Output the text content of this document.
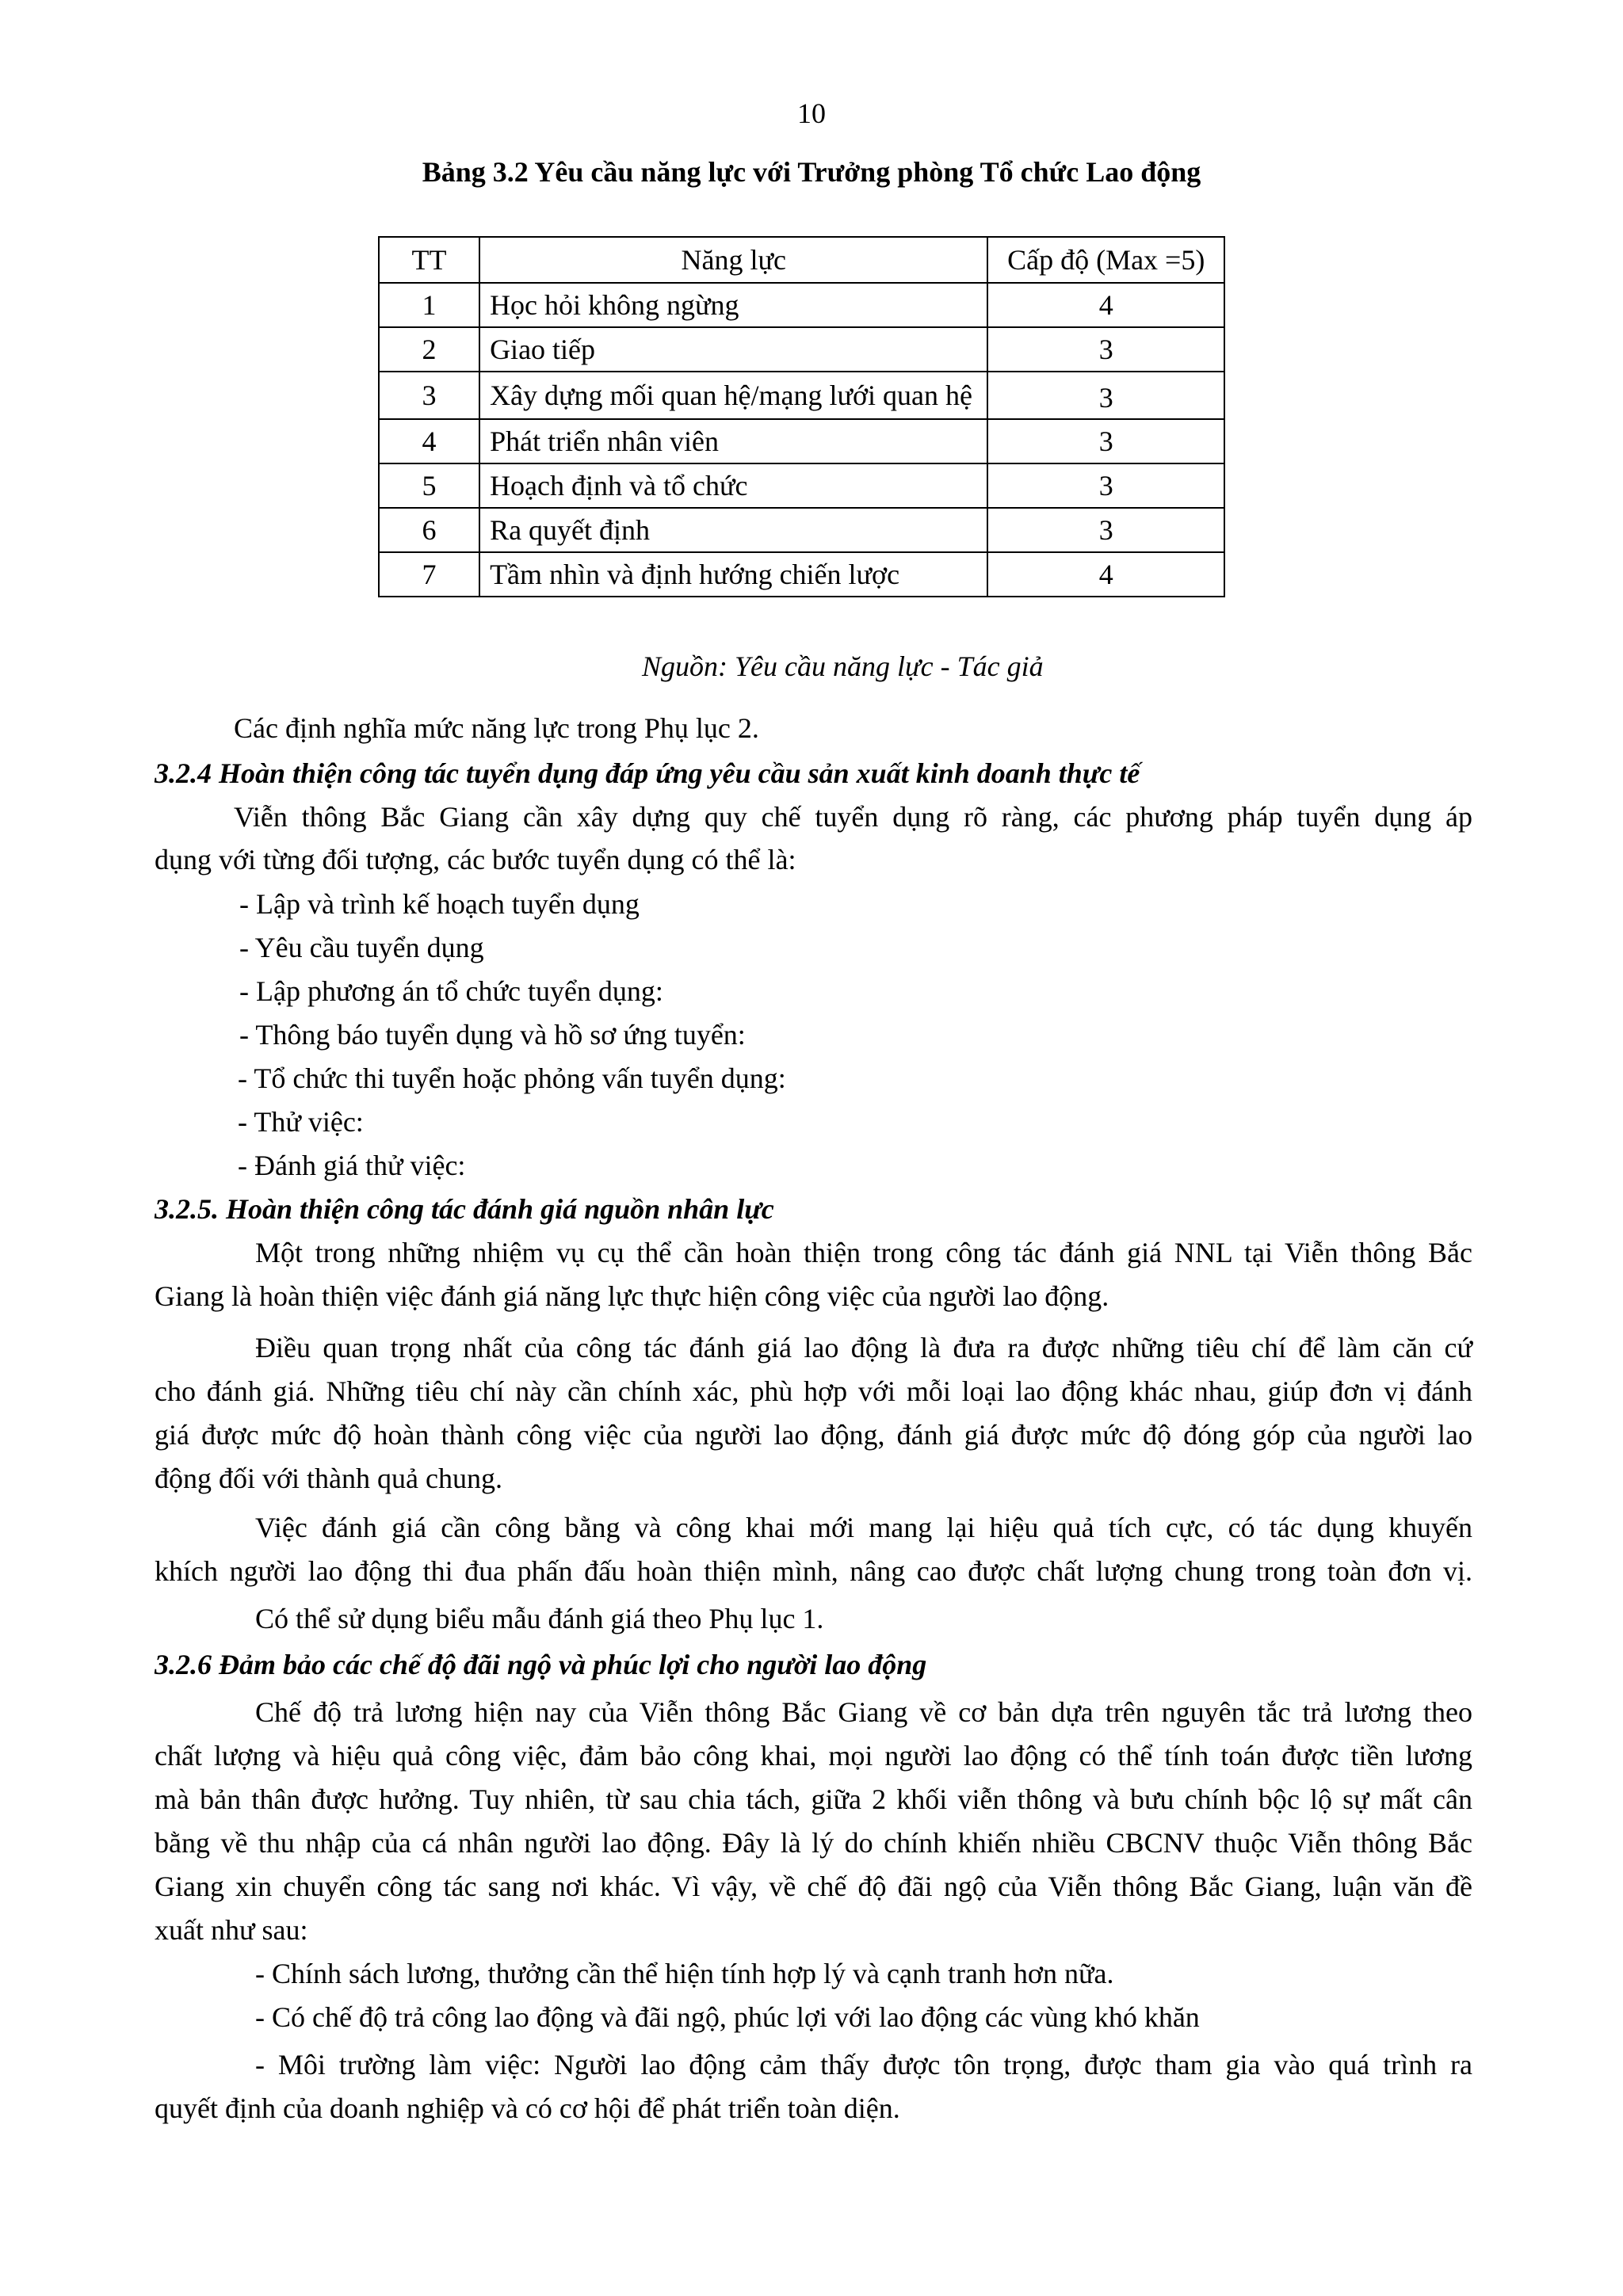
10
Bảng 3.2 Yêu cầu năng lực với Trưởng phòng Tổ chức Lao động
TT	Năng lực	Cấp độ (Max =5)
1	Học hỏi không ngừng	4
2	Giao tiếp	3
3	Xây dựng mối quan hệ/mạng lưới quan hệ	3
4	Phát triển nhân viên	3
5	Hoạch định và tổ chức	3
6	Ra quyết định	3
7	Tầm nhìn và định hướng chiến lược	4
Nguồn: Yêu cầu năng lực - Tác giả
Các định nghĩa mức năng lực trong Phụ lục 2.
3.2.4 Hoàn thiện công tác tuyển dụng đáp ứng yêu cầu sản xuất kinh doanh thực tế
Viễn thông Bắc Giang cần xây dựng quy chế tuyển dụng rõ ràng, các phương pháp tuyển dụng áp
dụng với từng đối tượng, các bước tuyển dụng có thể là:
- Lập và trình kế hoạch tuyển dụng
- Yêu cầu tuyển dụng
- Lập phương án tổ chức tuyển dụng:
- Thông báo tuyển dụng và hồ sơ ứng tuyển:
- Tổ chức thi tuyển hoặc phỏng vấn tuyển dụng:
- Thử việc:
- Đánh giá thử việc:
3.2.5. Hoàn thiện công tác đánh giá nguồn nhân lực
Một trong những nhiệm vụ cụ thể cần hoàn thiện trong công tác đánh giá NNL tại Viễn thông Bắc
Giang là hoàn thiện việc đánh giá năng lực thực hiện công việc của người lao động.
Điều quan trọng nhất của công tác đánh giá lao động là đưa ra được những tiêu chí để làm căn cứ
cho đánh giá. Những tiêu chí này cần chính xác, phù hợp với mỗi loại lao động khác nhau, giúp đơn vị đánh
giá được mức độ hoàn thành công việc của người lao động, đánh giá được mức độ đóng góp của người lao
động đối với thành quả chung.
Việc đánh giá cần công bằng và công khai mới mang lại hiệu quả tích cực, có tác dụng khuyến
khích người lao động thi đua phấn đấu hoàn thiện mình, nâng cao được chất lượng chung trong toàn đơn vị.
Có thể sử dụng biểu mẫu đánh giá theo Phụ lục 1.
3.2.6 Đảm bảo các chế độ đãi ngộ và phúc lợi cho người lao động
Chế độ trả lương hiện nay của Viễn thông Bắc Giang về cơ bản dựa trên nguyên tắc trả lương theo
chất lượng và hiệu quả công việc, đảm bảo công khai, mọi người lao động có thể tính toán được tiền lương
mà bản thân được hưởng. Tuy nhiên, từ sau chia tách, giữa 2 khối viễn thông và bưu chính bộc lộ sự mất cân
bằng về thu nhập của cá nhân người lao động. Đây là lý do chính khiến nhiều CBCNV thuộc Viễn thông Bắc
Giang xin chuyển công tác sang nơi khác. Vì vậy, về chế độ đãi ngộ của Viễn thông Bắc Giang, luận văn đề
xuất như sau:
- Chính sách lương, thưởng cần thể hiện tính hợp lý và cạnh tranh hơn nữa.
- Có chế độ trả công lao động và đãi ngộ, phúc lợi với lao động các vùng khó khăn
- Môi trường làm việc: Người lao động cảm thấy được tôn trọng, được tham gia vào quá trình ra
quyết định của doanh nghiệp và có cơ hội để phát triển toàn diện.
